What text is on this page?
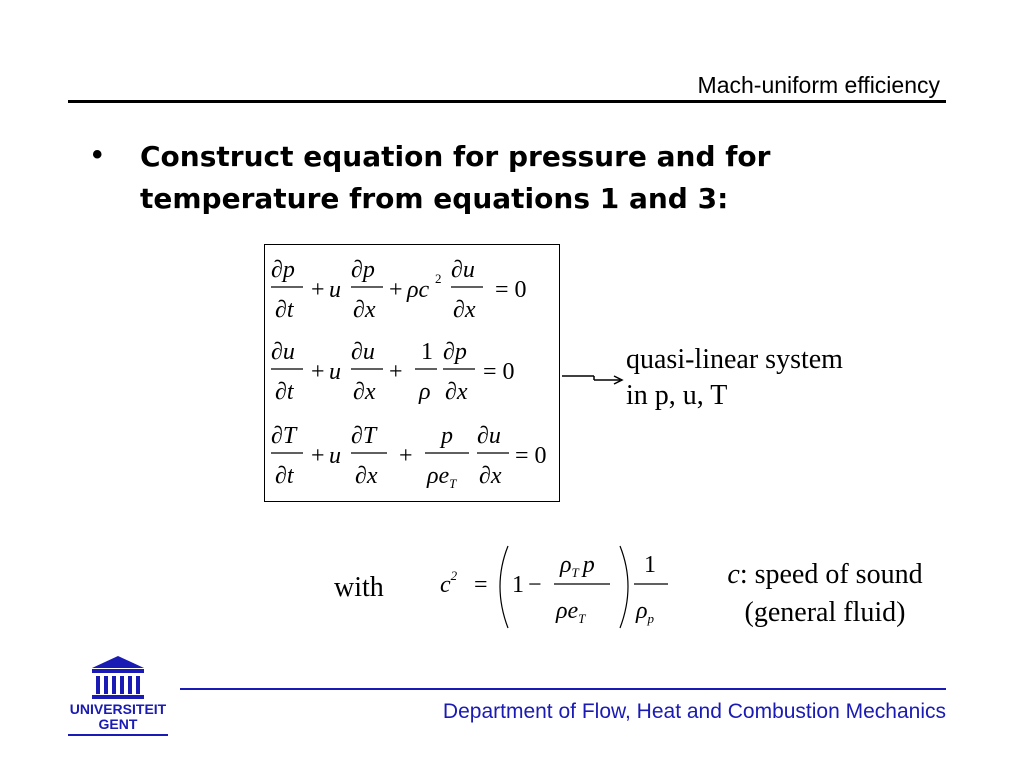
Mach-uniform efficiency
• Construct equation for pressure and for temperature from equations 1 and 3:
∂p
∂t
+ u
∂p
∂x
+ ρc 2 ∂u
∂x
= 0
∂u
∂t
+ u
∂u
∂x
+
1
ρ
∂p
∂x
= 0
∂T
∂t
+ u
∂T
∂x
+
p
$\rho e_T$
∂u
∂x
= 0
quasi-linear system
in p, u, T
with $c^2 = 1$ −
$\rho_T$ p
$\rho e_T$
1
$\rho_p$
c: speed of sound
(general fluid)
UNIVERSITEIT
GENT
Department of Flow, Heat and Combustion Mechanics
